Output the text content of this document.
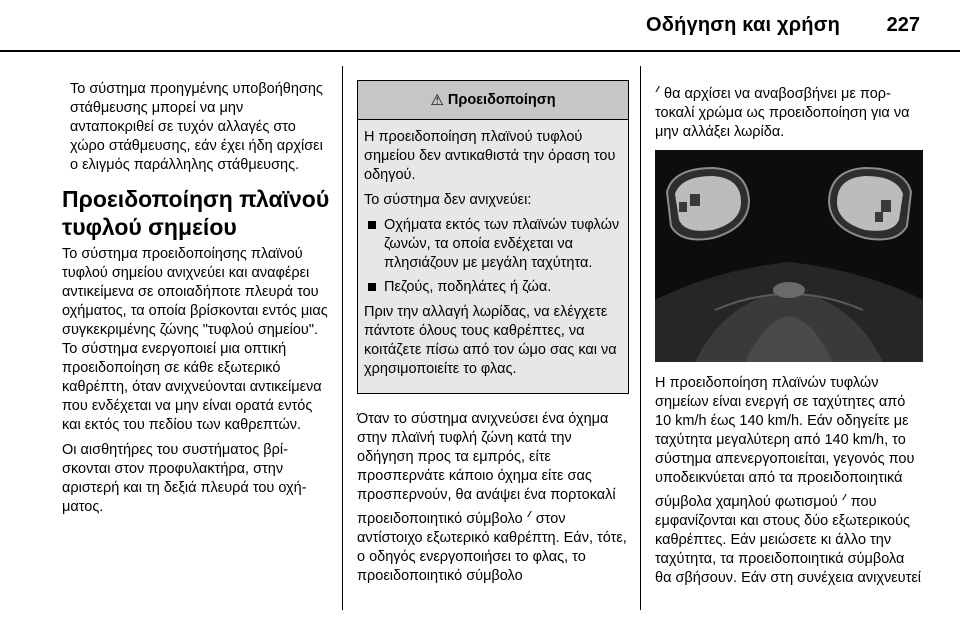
Οδήγηση και χρήση 227

Το σύστημα προηγμένης υποβοήθησης στάθμευσης μπορεί να μην ανταποκριθεί σε τυχόν αλλαγές στο χώρο στάθμευσης, εάν έχει ήδη αρχίσει ο ελιγμός παράλληλης στάθμευσης.

Προειδοποίηση πλαϊνού τυφλού σημείου

Το σύστημα προειδοποίησης πλαϊνού τυφλού σημείου ανιχνεύει και αναφέρει αντικείμενα σε οποιαδήποτε πλευρά του οχήματος, τα οποία βρίσκονται εντός μιας συγκεκριμένης ζώνης "τυφλού σημείου". Το σύστημα ενεργοποιεί μια οπτική προειδοποίηση σε κάθε εξωτερικό καθρέπτη, όταν ανιχνεύονται αντικείμενα που ενδέχεται να μην είναι ορατά εντός και εκτός του πεδίου των καθρεπτών.

Οι αισθητήρες του συστήματος βρίσκονται στον προφυλακτήρα, στην αριστερή και τη δεξιά πλευρά του οχήματος.

⚠ Προειδοποίηση

Η προειδοποίηση πλαϊνού τυφλού σημείου δεν αντικαθιστά την όραση του οδηγού.

Το σύστημα δεν ανιχνεύει:

Οχήματα εκτός των πλαϊνών τυφλών ζωνών, τα οποία ενδέχεται να πλησιάζουν με μεγάλη ταχύτητα.
Πεζούς, ποδηλάτες ή ζώα.

Πριν την αλλαγή λωρίδας, να ελέγχετε πάντοτε όλους τους καθρέπτες, να κοιτάζετε πίσω από τον ώμο σας και να χρησιμοποιείτε το φλας.

Όταν το σύστημα ανιχνεύσει ένα όχημα στην πλαϊνή τυφλή ζώνη κατά την οδήγηση προς τα εμπρός, είτε προσπερνάτε κάποιο όχημα είτε σας προσπερνούν, θα ανάψει ένα πορτοκαλί προειδοποιητικό σύμβολο ⁄⁄⁄ στον αντίστοιχο εξωτερικό καθρέπτη. Εάν, τότε, ο οδηγός ενεργοποιήσει το φλας, το προειδοποιητικό σύμβολο

⁄⁄⁄ θα αρχίσει να αναβοσβήνει με πορτοκαλί χρώμα ως προειδοποίηση για να μην αλλάξει λωρίδα.

Η προειδοποίηση πλαϊνών τυφλών σημείων είναι ενεργή σε ταχύτητες από 10 km/h έως 140 km/h. Εάν οδηγείτε με ταχύτητα μεγαλύτερη από 140 km/h, το σύστημα απενεργοποιείται, γεγονός που υποδεικνύεται από τα προειδοποιητικά σύμβολα χαμηλού φωτισμού ⁄⁄⁄ που εμφανίζονται και στους δύο εξωτερικούς καθρέπτες. Εάν μειώσετε κι άλλο την ταχύτητα, τα προειδοποιητικά σύμβολα θα σβήσουν. Εάν στη συνέχεια ανιχνευτεί
